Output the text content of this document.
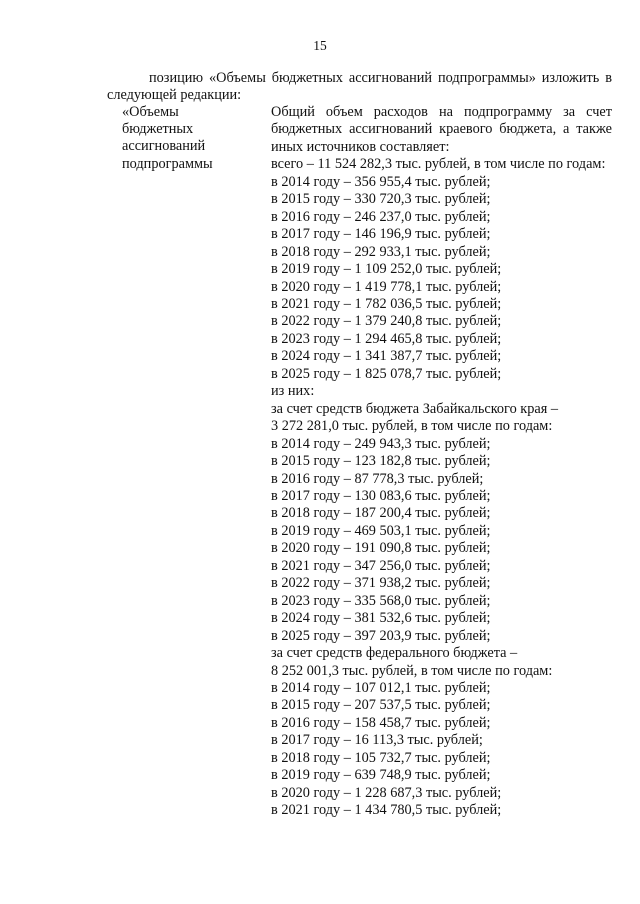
15

позицию «Объемы бюджетных ассигнований подпрограммы» изложить в следующей редакции:

«Объемы
бюджетных
ассигнований
подпрограммы

Общий объем расходов на подпрограмму за счет бюджетных ассигнований краевого бюджета, а также иных источников составляет:

всего – 11 524 282,3 тыс. рублей, в том числе по годам:

в 2014 году – 356 955,4 тыс. рублей;
в 2015 году – 330 720,3 тыс. рублей;
в 2016 году – 246 237,0 тыс. рублей;
в 2017 году – 146 196,9 тыс. рублей;
в 2018 году – 292 933,1 тыс. рублей;
в 2019 году – 1 109 252,0 тыс. рублей;
в 2020 году – 1 419 778,1 тыс. рублей;
в 2021 году – 1 782 036,5 тыс. рублей;
в 2022 году – 1 379 240,8 тыс. рублей;
в 2023 году – 1 294 465,8 тыс. рублей;
в 2024 году – 1 341 387,7 тыс. рублей;
в 2025 году – 1 825 078,7 тыс. рублей;
из них:
за счет средств бюджета Забайкальского края –
3 272 281,0 тыс. рублей, в том числе по годам:
в 2014 году – 249 943,3 тыс. рублей;
в 2015 году – 123 182,8 тыс. рублей;
в 2016 году – 87 778,3 тыс. рублей;
в 2017 году – 130 083,6 тыс. рублей;
в 2018 году – 187 200,4 тыс. рублей;
в 2019 году – 469 503,1 тыс. рублей;
в 2020 году – 191 090,8 тыс. рублей;
в 2021 году – 347 256,0 тыс. рублей;
в 2022 году – 371 938,2 тыс. рублей;
в 2023 году – 335 568,0 тыс. рублей;
в 2024 году – 381 532,6 тыс. рублей;
в 2025 году – 397 203,9 тыс. рублей;
за счет средств федерального бюджета –
8 252 001,3 тыс. рублей, в том числе по годам:
в 2014 году – 107 012,1 тыс. рублей;
в 2015 году – 207 537,5 тыс. рублей;
в 2016 году – 158 458,7 тыс. рублей;
в 2017 году – 16 113,3 тыс. рублей;
в 2018 году – 105 732,7 тыс. рублей;
в 2019 году – 639 748,9 тыс. рублей;
в 2020 году – 1 228 687,3 тыс. рублей;
в 2021 году – 1 434 780,5 тыс. рублей;
